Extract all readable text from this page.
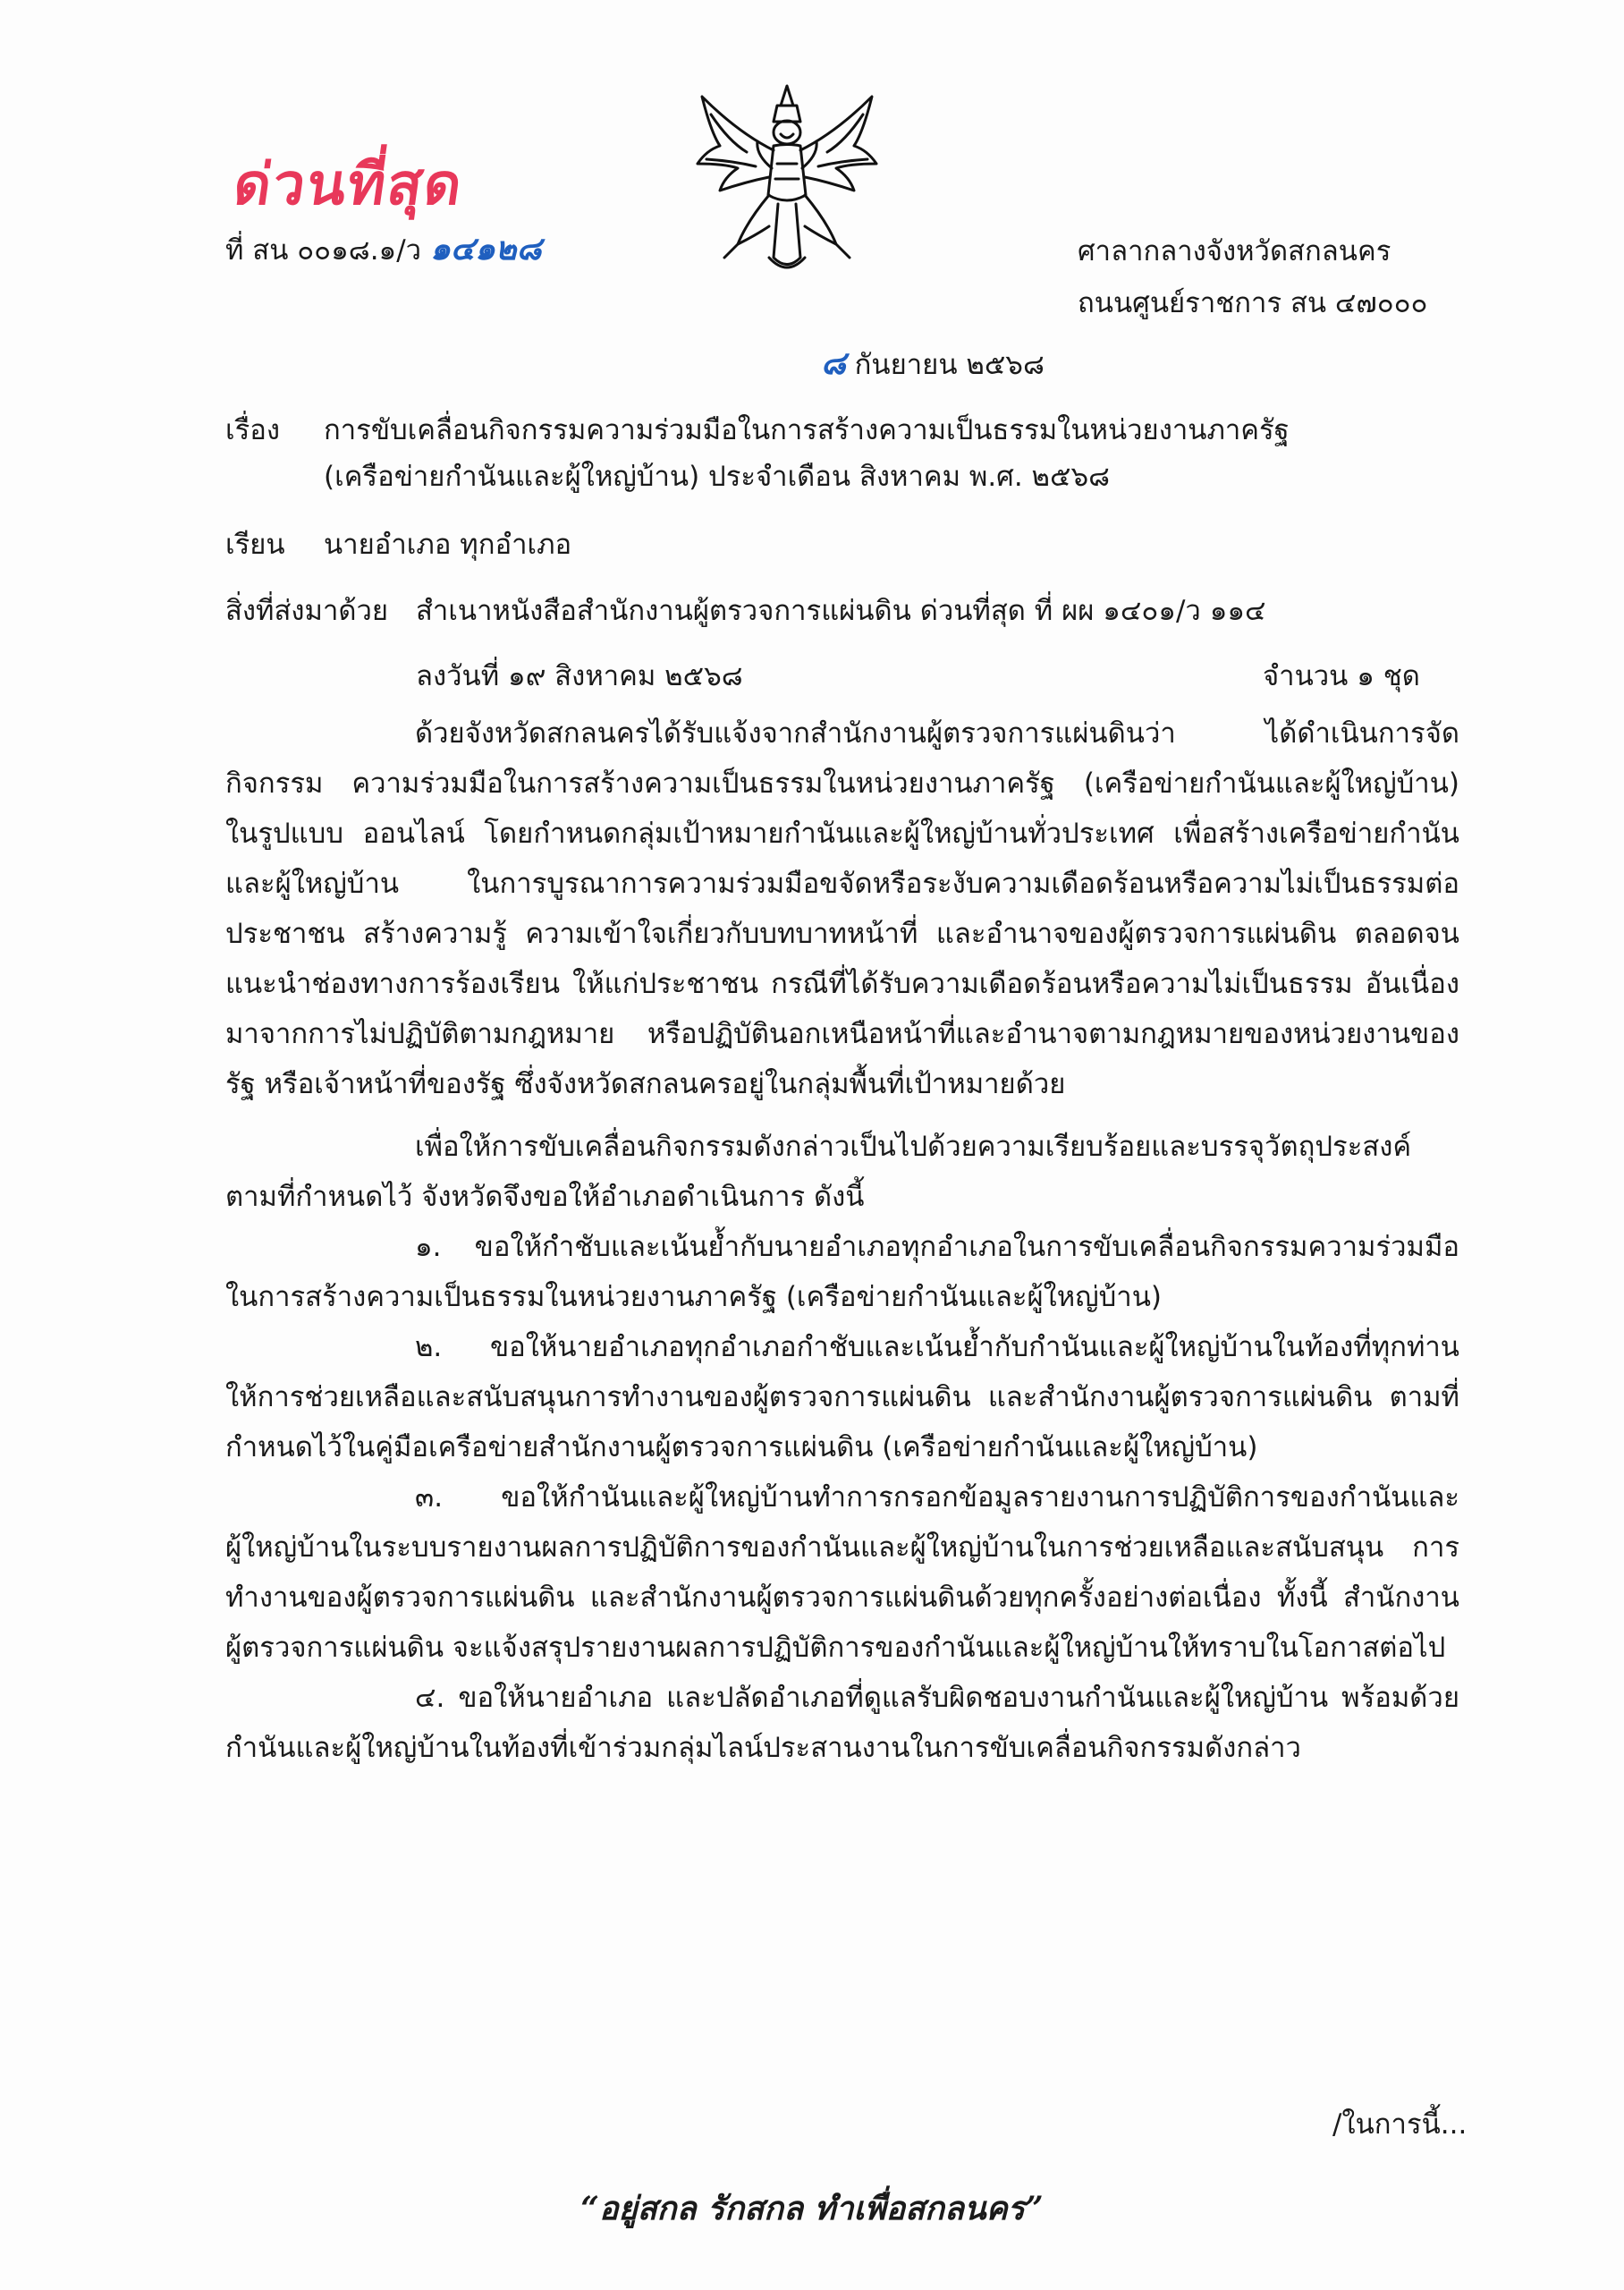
ด่วนที่สุด
ที่ สน ๐๐๑๘.๑/ว ๑๔๑๒๘	ศาลากลางจังหวัดสกลนคร
ถนนศูนย์ราชการ สน ๔๗๐๐๐
๘ กันยายน ๒๕๖๘
เรื่อง การขับเคลื่อนกิจกรรมความร่วมมือในการสร้างความเป็นธรรมในหน่วยงานภาครัฐ
(เครือข่ายกำนันและผู้ใหญ่บ้าน) ประจำเดือน สิงหาคม พ.ศ. ๒๕๖๘
เรียน นายอำเภอ ทุกอำเภอ
สิ่งที่ส่งมาด้วย สำเนาหนังสือสำนักงานผู้ตรวจการแผ่นดิน ด่วนที่สุด ที่ ผผ ๑๔๐๑/ว ๑๑๔
ลงวันที่ ๑๙ สิงหาคม ๒๕๖๘	จำนวน ๑ ชุด
ด้วยจังหวัดสกลนครได้รับแจ้งจากสำนักงานผู้ตรวจการแผ่นดินว่า ได้ดำเนินการจัดกิจกรรม ความร่วมมือในการสร้างความเป็นธรรมในหน่วยงานภาครัฐ (เครือข่ายกำนันและผู้ใหญ่บ้าน) ในรูปแบบ ออนไลน์ โดยกำหนดกลุ่มเป้าหมายกำนันและผู้ใหญ่บ้านทั่วประเทศ เพื่อสร้างเครือข่ายกำนันและผู้ใหญ่บ้าน ในการบูรณาการความร่วมมือขจัดหรือระงับความเดือดร้อนหรือความไม่เป็นธรรมต่อประชาชน สร้างความรู้ ความเข้าใจเกี่ยวกับบทบาทหน้าที่ และอำนาจของผู้ตรวจการแผ่นดิน ตลอดจนแนะนำช่องทางการร้องเรียน ให้แก่ประชาชน กรณีที่ได้รับความเดือดร้อนหรือความไม่เป็นธรรม อันเนื่องมาจากการไม่ปฏิบัติตามกฎหมาย หรือปฏิบัตินอกเหนือหน้าที่และอำนาจตามกฎหมายของหน่วยงานของรัฐ หรือเจ้าหน้าที่ของรัฐ ซึ่งจังหวัดสกลนครอยู่ในกลุ่มพื้นที่เป้าหมายด้วย
เพื่อให้การขับเคลื่อนกิจกรรมดังกล่าวเป็นไปด้วยความเรียบร้อยและบรรจุวัตถุประสงค์ ตามที่กำหนดไว้ จังหวัดจึงขอให้อำเภอดำเนินการ ดังนี้
๑. ขอให้กำชับและเน้นย้ำกับนายอำเภอทุกอำเภอในการขับเคลื่อนกิจกรรมความร่วมมือ ในการสร้างความเป็นธรรมในหน่วยงานภาครัฐ (เครือข่ายกำนันและผู้ใหญ่บ้าน)
๒. ขอให้นายอำเภอทุกอำเภอกำชับและเน้นย้ำกับกำนันและผู้ใหญ่บ้านในท้องที่ทุกท่าน ให้การช่วยเหลือและสนับสนุนการทำงานของผู้ตรวจการแผ่นดิน และสำนักงานผู้ตรวจการแผ่นดิน ตามที่กำหนดไว้ในคู่มือเครือข่ายสำนักงานผู้ตรวจการแผ่นดิน (เครือข่ายกำนันและผู้ใหญ่บ้าน)
๓. ขอให้กำนันและผู้ใหญ่บ้านทำการกรอกข้อมูลรายงานการปฏิบัติการของกำนันและ ผู้ใหญ่บ้านในระบบรายงานผลการปฏิบัติการของกำนันและผู้ใหญ่บ้านในการช่วยเหลือและสนับสนุน การทำงานของผู้ตรวจการแผ่นดิน และสำนักงานผู้ตรวจการแผ่นดินด้วยทุกครั้งอย่างต่อเนื่อง ทั้งนี้ สำนักงาน ผู้ตรวจการแผ่นดิน จะแจ้งสรุปรายงานผลการปฏิบัติการของกำนันและผู้ใหญ่บ้านให้ทราบในโอกาสต่อไป
๔. ขอให้นายอำเภอ และปลัดอำเภอที่ดูแลรับผิดชอบงานกำนันและผู้ใหญ่บ้าน พร้อมด้วยกำนันและผู้ใหญ่บ้านในท้องที่เข้าร่วมกลุ่มไลน์ประสานงานในการขับเคลื่อนกิจกรรมดังกล่าว
/ในการนี้...
“อยู่สกล รักสกล ทำเพื่อสกลนคร”
